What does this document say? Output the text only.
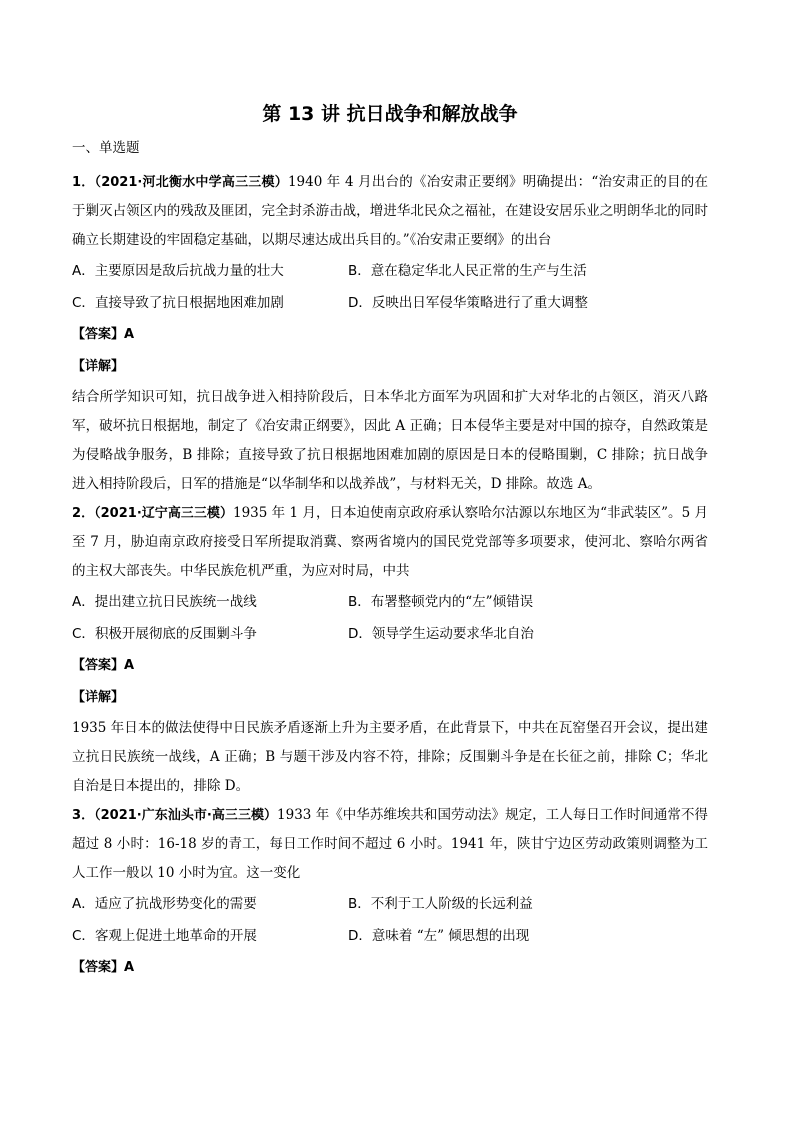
第 13 讲 抗日战争和解放战争
一、单选题

1．（2021·河北衡水中学高三三模）1940 年 4 月出台的《冶安肃正要纲》明确提出：“治安肃正的目的在于剿灭占领区内的残敌及匪团，完全封杀游击战，增进华北民众之福祉，在建设安居乐业之明朗华北的同时确立长期建设的牢固稳定基础，以期尽速达成出兵目的。”《冶安肃正要纲》的出台

A．主要原因是敌后抗战力量的壮大	B．意在稳定华北人民正常的生产与生活
C．直接导致了抗日根据地困难加剧	D．反映出日军侵华策略进行了重大调整
【答案】A
【详解】

结合所学知识可知，抗日战争进入相持阶段后，日本华北方面军为巩固和扩大对华北的占领区，消灭八路军，破坏抗日根据地，制定了《冶安肃正纲要》，因此 A 正确；日本侵华主要是对中国的掠夺，自然政策是为侵略战争服务，B 排除；直接导致了抗日根据地困难加剧的原因是日本的侵略围剿，C 排除；抗日战争进入相持阶段后，日军的措施是“以华制华和以战养战”，与材料无关，D 排除。故选 A。

2．（2021·辽宁高三三模）1935 年 1 月，日本迫使南京政府承认察哈尔沽源以东地区为“非武装区”。5 月至 7 月，胁迫南京政府接受日军所提取消冀、察两省境内的国民党党部等多项要求，使河北、察哈尔两省的主权大部丧失。中华民族危机严重，为应对时局，中共

A．提出建立抗日民族统一战线	B．布署整顿党内的“左”倾错误
C．积极开展彻底的反围剿斗争	D．领导学生运动要求华北自治
【答案】A
【详解】

1935 年日本的做法使得中日民族矛盾逐渐上升为主要矛盾，在此背景下，中共在瓦窑堡召开会议，提出建立抗日民族统一战线，A 正确；B 与题干涉及内容不符，排除；反围剿斗争是在长征之前，排除 C；华北自治是日本提出的，排除 D。

3．（2021·广东汕头市·高三三模）1933 年《中华苏维埃共和国劳动法》规定，工人每日工作时间通常不得超过 8 小时：16-18 岁的青工，每日工作时间不超过 6 小时。1941 年，陕甘宁边区劳动政策则调整为工人工作一般以 10 小时为宜。这一变化

A．适应了抗战形势变化的需要	B．不利于工人阶级的长远利益
C．客观上促进土地革命的开展	D．意味着 “左” 倾思想的出现
【答案】A
